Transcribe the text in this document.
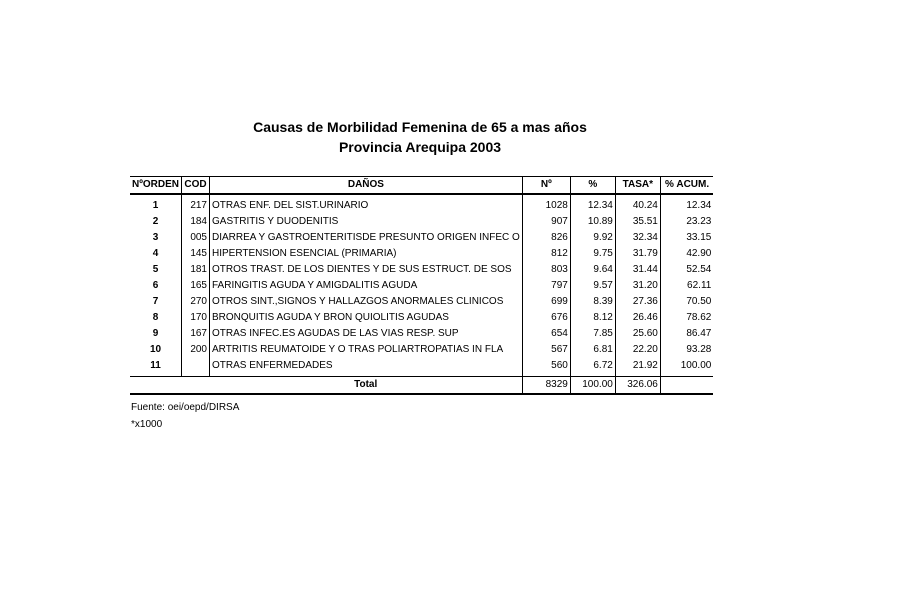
Causas de Morbilidad Femenina de 65 a mas años
Provincia Arequipa 2003
NºORDEN	COD	DAÑOS	Nº	%	TASA*	% ACUM.
1	217	OTRAS ENF. DEL SIST.URINARIO	1028	12.34	40.24	12.34
2	184	GASTRITIS Y DUODENITIS	907	10.89	35.51	23.23
3	005	DIARREA Y GASTROENTERITISDE PRESUNTO ORIGEN INFEC O	826	9.92	32.34	33.15
4	145	HIPERTENSION ESENCIAL (PRIMARIA)	812	9.75	31.79	42.90
5	181	OTROS TRAST. DE LOS DIENTES Y DE SUS ESTRUCT. DE SOS	803	9.64	31.44	52.54
6	165	FARINGITIS AGUDA Y AMIGDALITIS AGUDA	797	9.57	31.20	62.11
7	270	OTROS SINT.,SIGNOS Y HALLAZGOS ANORMALES CLINICOS	699	8.39	27.36	70.50
8	170	BRONQUITIS AGUDA Y BRON QUIOLITIS AGUDAS	676	8.12	26.46	78.62
9	167	OTRAS INFEC.ES AGUDAS DE LAS VIAS RESP. SUP	654	7.85	25.60	86.47
10	200	ARTRITIS REUMATOIDE Y O TRAS POLIARTROPATIAS IN FLA	567	6.81	22.20	93.28
11		OTRAS ENFERMEDADES	560	6.72	21.92	100.00
		Total	8329	100.00	326.06	
Fuente: oei/oepd/DIRSA
*x1000
